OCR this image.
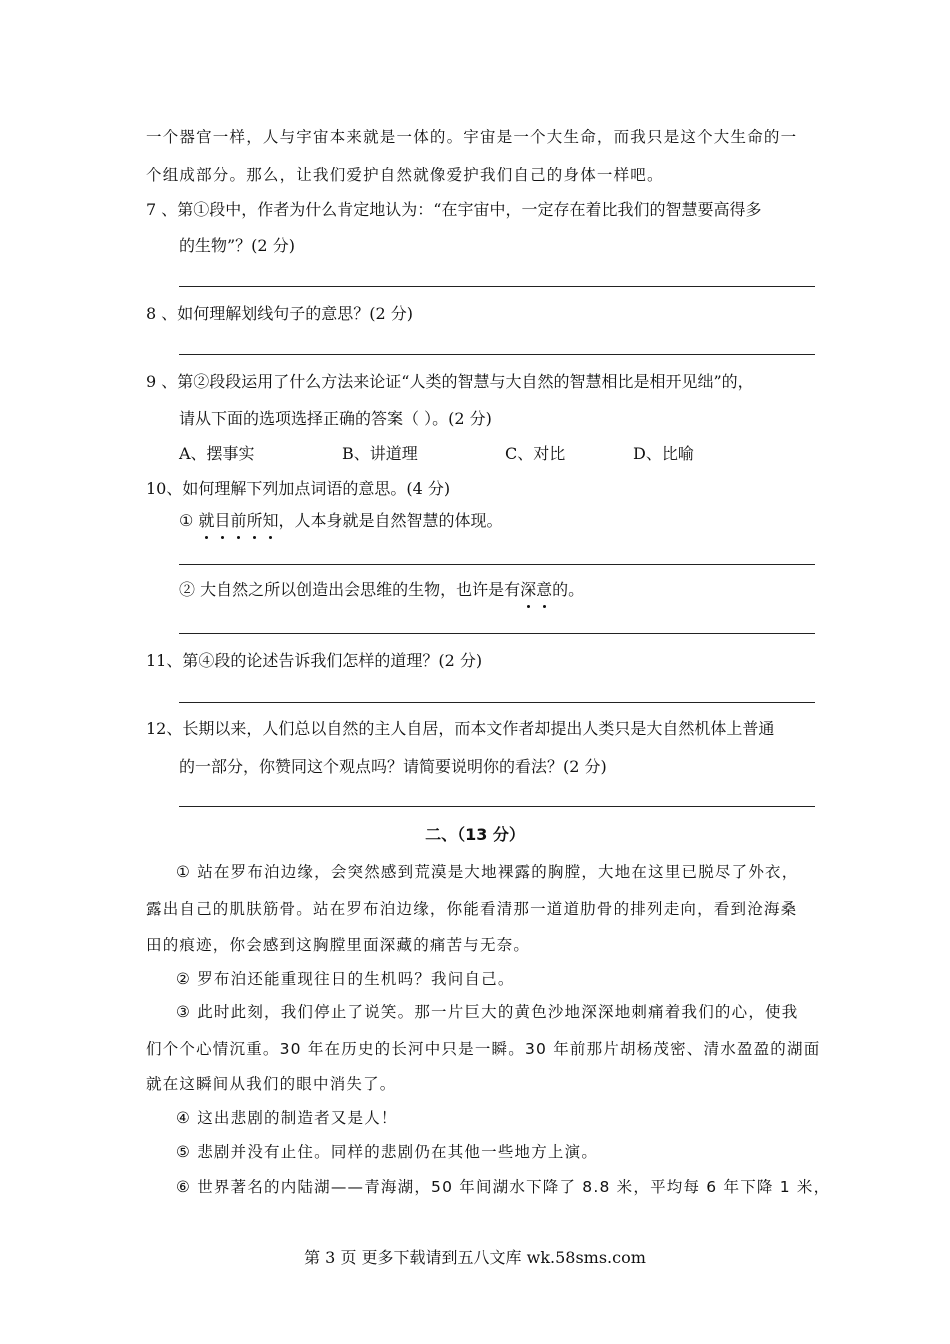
一个器官一样，人与宇宙本来就是一体的。宇宙是一个大生命，而我只是这个大生命的一
个组成部分。那么，让我们爱护自然就像爱护我们自己的身体一样吧。
7 、第①段中，作者为什么肯定地认为：“在宇宙中，一定存在着比我们的智慧要高得多
的生物”？(2 分)
8 、如何理解划线句子的意思？(2 分)
9 、第②段段运用了什么方法来论证“人类的智慧与大自然的智慧相比是相开见绌”的，
请从下面的选项选择正确的答案（ ）。(2 分)
A、摆事实	B、讲道理	C、对比	D、比喻
10、如何理解下列加点词语的意思。(4 分)
① 就目前所知，人本身就是自然智慧的体现。
② 大自然之所以创造出会思维的生物，也许是有深意的。
11、第④段的论述告诉我们怎样的道理？(2 分)
12、长期以来，人们总以自然的主人自居，而本文作者却提出人类只是大自然机体上普通
的一部分，你赞同这个观点吗？请简要说明你的看法？(2 分)
二、（13 分）
① 站在罗布泊边缘，会突然感到荒漠是大地裸露的胸膛，大地在这里已脱尽了外衣，
露出自己的肌肤筋骨。站在罗布泊边缘，你能看清那一道道肋骨的排列走向，看到沧海桑
田的痕迹，你会感到这胸膛里面深藏的痛苦与无奈。
② 罗布泊还能重现往日的生机吗？我问自己。
③ 此时此刻，我们停止了说笑。那一片巨大的黄色沙地深深地刺痛着我们的心，使我
们个个心情沉重。30 年在历史的长河中只是一瞬。30 年前那片胡杨茂密、清水盈盈的湖面
就在这瞬间从我们的眼中消失了。
④ 这出悲剧的制造者又是人！
⑤ 悲剧并没有止住。同样的悲剧仍在其他一些地方上演。
⑥ 世界著名的内陆湖——青海湖，50 年间湖水下降了 8.8 米，平均每 6 年下降 1 米，
第 3 页 更多下载请到五八文库 wk.58sms.com
